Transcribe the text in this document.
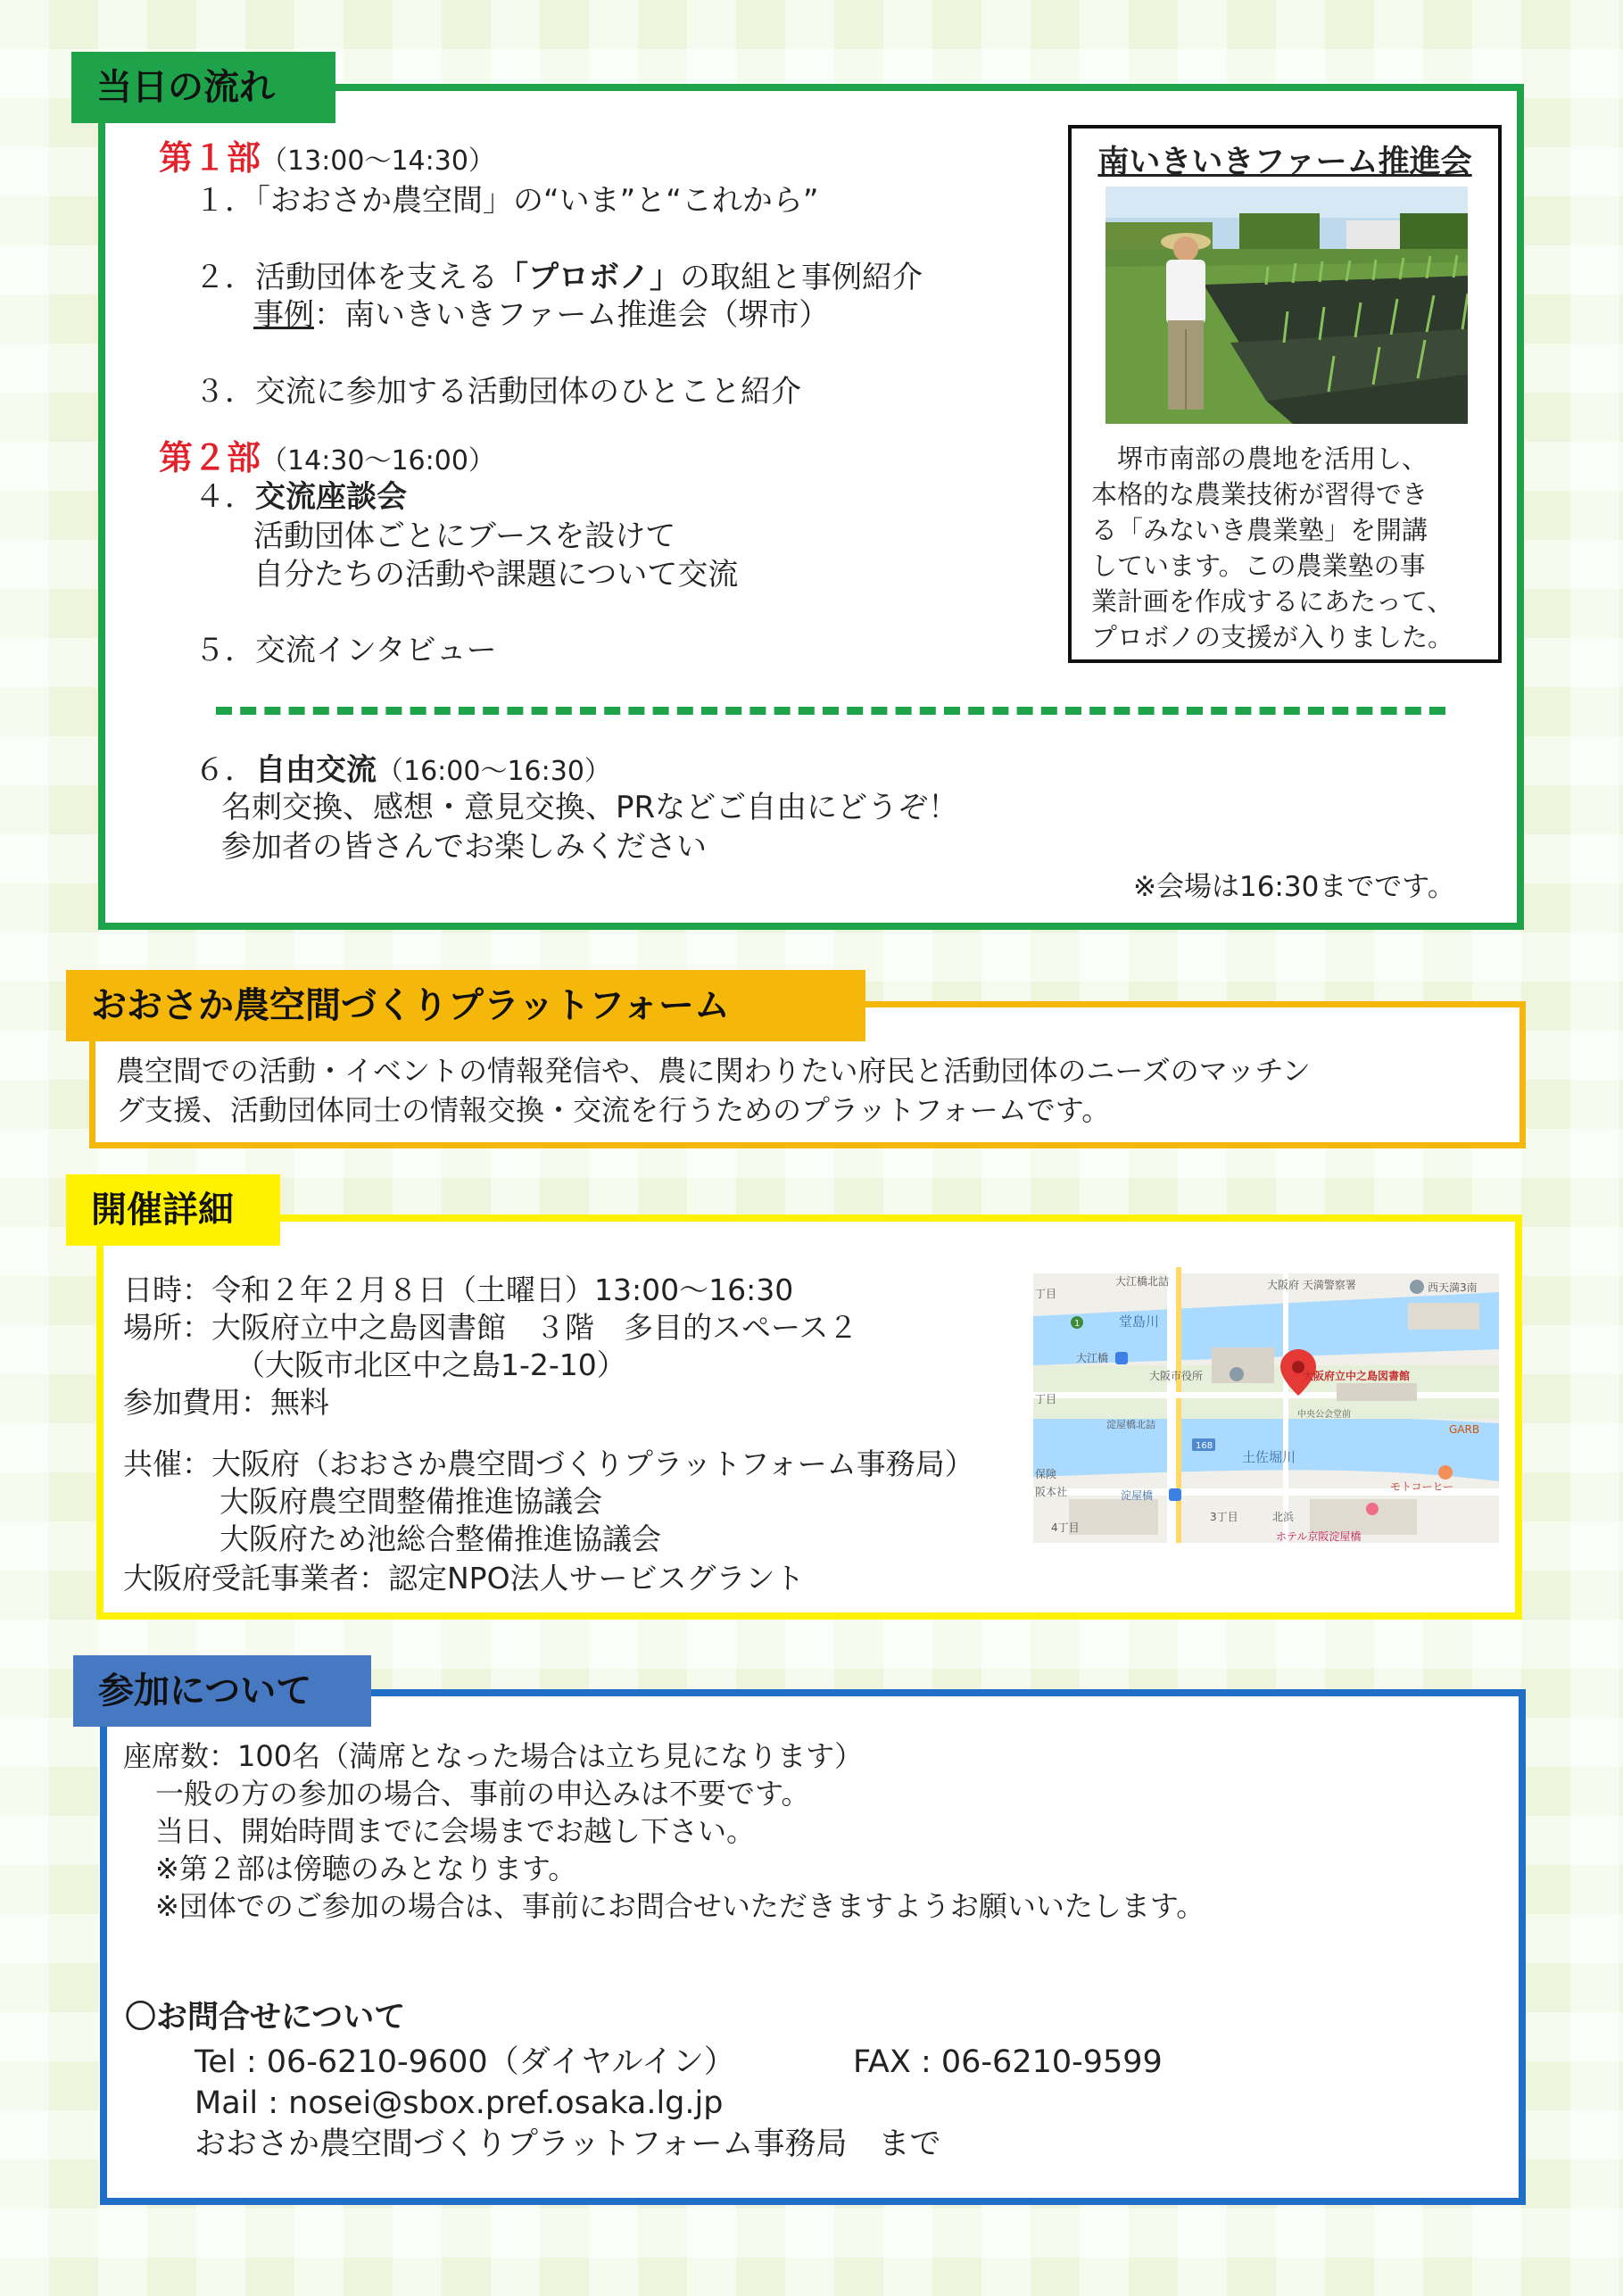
当日の流れ
第１部（13:00～14:30）
１．「おおさか農空間」の“いま”と“これから”
２．活動団体を支える「プロボノ」の取組と事例紹介
事例：南いきいきファーム推進会（堺市）
３．交流に参加する活動団体のひとこと紹介
第２部（14:30～16:00）
４．交流座談会
活動団体ごとにブースを設けて
自分たちの活動や課題について交流
５．交流インタビュー
６．自由交流（16:00～16:30）
名刺交換、感想・意見交換、PRなどご自由にどうぞ！
参加者の皆さんでお楽しみください
※会場は16:30までです。
南いきいきファーム推進会
　堺市南部の農地を活用し、
本格的な農業技術が習得でき
る「みないき農業塾」を開講
しています。この農業塾の事
業計画を作成するにあたって、
プロボノの支援が入りました。
おおさか農空間づくりプラットフォーム
農空間での活動・イベントの情報発信や、農に関わりたい府民と活動団体のニーズのマッチン
グ支援、活動団体同士の情報交換・交流を行うためのプラットフォームです。
開催詳細
日時：令和２年２月８日（土曜日）13:00～16:30
場所：大阪府立中之島図書館　３階　多目的スペース２
（大阪市北区中之島1-2-10）
参加費用：無料
共催：大阪府（おおさか農空間づくりプラットフォーム事務局）
大阪府農空間整備推進協議会
大阪府ため池総合整備推進協議会
大阪府受託事業者：認定NPO法人サービスグラント
大江橋北詰	大阪府 天満警察署	西天満3南
堂島川
大江橋
大阪市役所	大阪府立中之島図書館
中央公会堂前
淀屋橋北詰	GARB
土佐堀川
淀屋橋
北浜
モトコーヒー
ホテル京阪淀屋橋
3丁目
4丁目
丁目
保険
阪本社
168
1
丁目
参加について
座席数：100名（満席となった場合は立ち見になります）
一般の方の参加の場合、事前の申込みは不要です。
当日、開始時間までに会場までお越し下さい。
※第２部は傍聴のみとなります。
※団体でのご参加の場合は、事前にお問合せいただきますようお願いいたします。
〇お問合せについて
Tel : 06-6210-9600（ダイヤルイン）	FAX : 06-6210-9599
Mail : nosei@sbox.pref.osaka.lg.jp
おおさか農空間づくりプラットフォーム事務局　まで
